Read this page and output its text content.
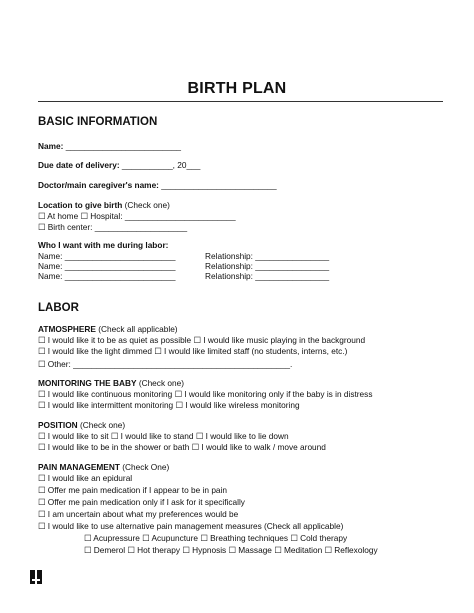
BIRTH PLAN
BASIC INFORMATION
Name: _________________________
Due date of delivery: ___________, 20___
Doctor/main caregiver's name: _________________________
Location to give birth (Check one)
☐ At home ☐ Hospital: ________________________
☐ Birth center: ____________________
Who I want with me during labor:
Name: ________________________	Relationship: ________________
Name: ________________________	Relationship: ________________
Name: ________________________	Relationship: ________________
LABOR
ATMOSPHERE (Check all applicable)
☐ I would like it to be as quiet as possible ☐ I would like music playing in the background
☐ I would like the light dimmed ☐ I would like limited staff (no students, interns, etc.)
☐ Other: _______________________________________________.
MONITORING THE BABY (Check one)
☐ I would like continuous monitoring ☐ I would like monitoring only if the baby is in distress
☐ I would like intermittent monitoring ☐ I would like wireless monitoring
POSITION (Check one)
☐ I would like to sit ☐ I would like to stand ☐ I would like to lie down
☐ I would like to be in the shower or bath ☐ I would like to walk / move around
PAIN MANAGEMENT (Check One)
☐ I would like an epidural
☐ Offer me pain medication if I appear to be in pain
☐ Offer me pain medication only if I ask for it specifically
☐ I am uncertain about what my preferences would be
☐ I would like to use alternative pain management measures (Check all applicable)
☐ Acupressure ☐ Acupuncture ☐ Breathing techniques ☐ Cold therapy
☐ Demerol ☐ Hot therapy ☐ Hypnosis ☐ Massage ☐ Meditation ☐ Reflexology
